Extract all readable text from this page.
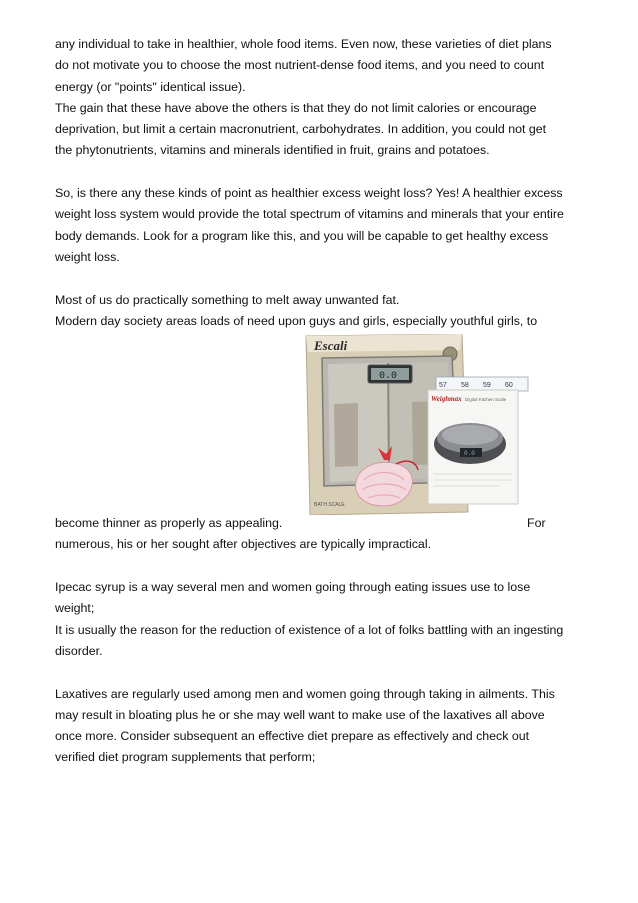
any individual to take in healthier, whole food items. Even now, these varieties of diet plans

do not motivate you to choose the most nutrient-dense food items, and you need to count

energy (or "points" identical issue).

The gain that these have above the others is that they do not limit calories or encourage

deprivation, but limit a certain macronutrient, carbohydrates. In addition, you could not get

the phytonutrients, vitamins and minerals identified in fruit, grains and potatoes.

So, is there any these kinds of point as healthier excess weight loss? Yes! A healthier excess

weight loss system would provide the total spectrum of vitamins and minerals that your entire

body demands. Look for a program like this, and you will be capable to get healthy excess

weight loss.

Most of us do practically something to melt away unwanted fat.

Modern day society areas loads of need upon guys and girls, especially youthful girls, to

Escali
0.0
BATH SCALE
57 58 59 60
Weighmax Digital Kitchen Scale
0.0
become thinner as properly as appealing.	For

numerous, his or her sought after objectives are typically impractical.

Ipecac syrup is a way several men and women going through eating issues use to lose

weight;

It is usually the reason for the reduction of existence of a lot of folks battling with an ingesting

disorder.

Laxatives are regularly used among men and women going through taking in ailments. This

may result in bloating plus he or she may well want to make use of the laxatives all above

once more. Consider subsequent an effective diet prepare as effectively and check out

verified diet program supplements that perform;
